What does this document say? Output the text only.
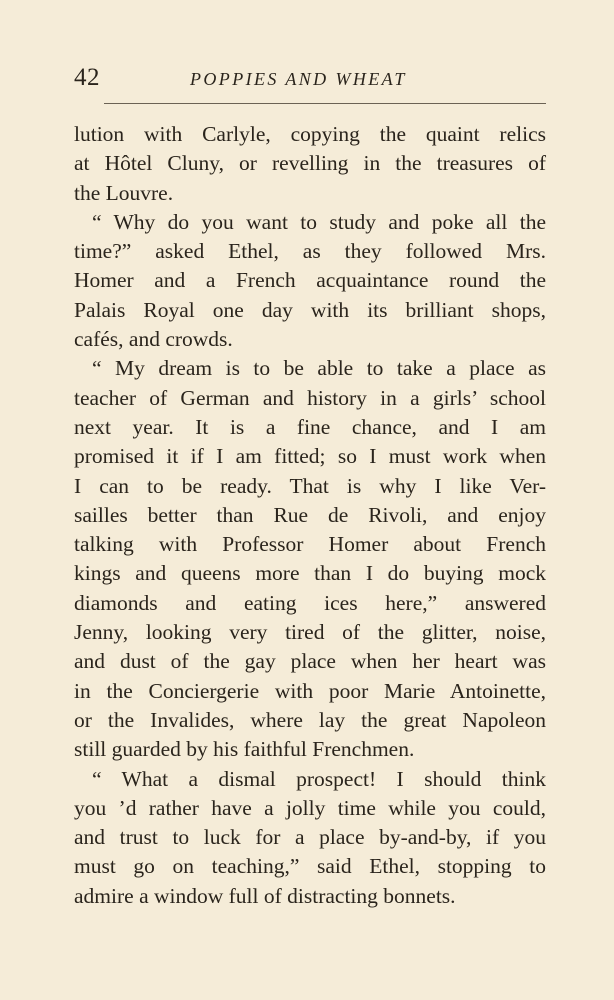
42	POPPIES AND WHEAT
lution with Carlyle, copying the quaint relics
at Hôtel Cluny, or revelling in the treasures of
the Louvre.
“ Why do you want to study and poke all the
time?” asked Ethel, as they followed Mrs.
Homer and a French acquaintance round the
Palais Royal one day with its brilliant shops,
cafés, and crowds.
“ My dream is to be able to take a place as
teacher of German and history in a girls’ school
next year. It is a fine chance, and I am
promised it if I am fitted; so I must work when
I can to be ready. That is why I like Ver-
sailles better than Rue de Rivoli, and enjoy
talking with Professor Homer about French
kings and queens more than I do buying mock
diamonds and eating ices here,” answered
Jenny, looking very tired of the glitter, noise,
and dust of the gay place when her heart was
in the Conciergerie with poor Marie Antoinette,
or the Invalides, where lay the great Napoleon
still guarded by his faithful Frenchmen.
“ What a dismal prospect! I should think
you ’d rather have a jolly time while you could,
and trust to luck for a place by-and-by, if you
must go on teaching,” said Ethel, stopping to
admire a window full of distracting bonnets.
